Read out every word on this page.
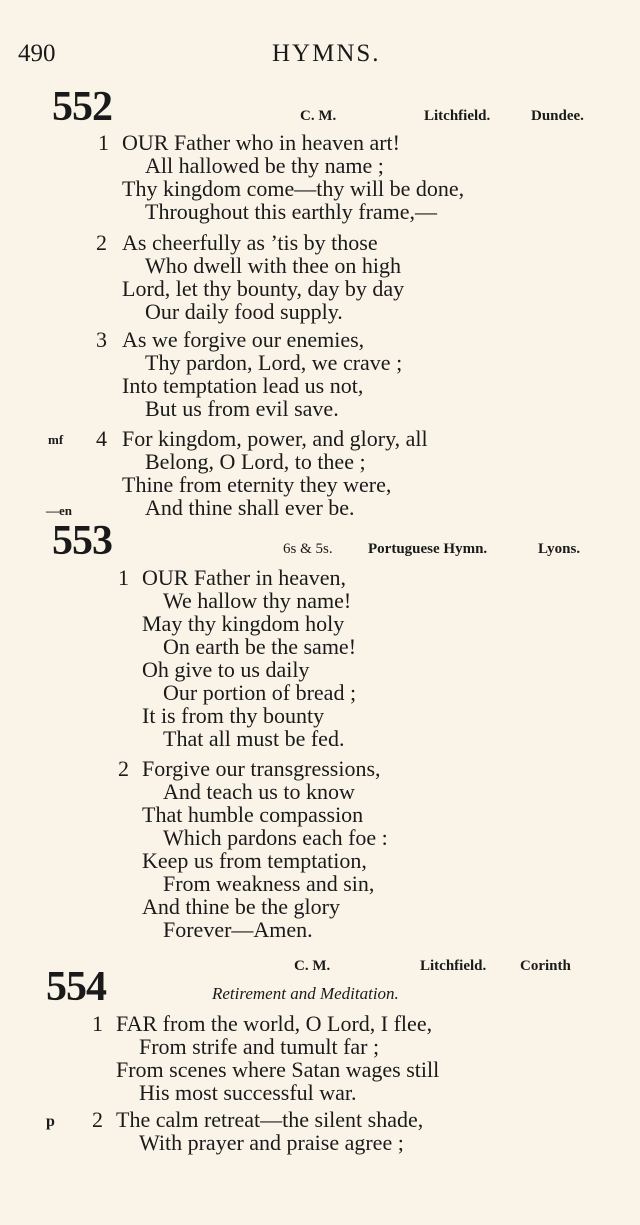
490	HYMNS.
552	C. M.	Litchfield.	Dundee.
1 OUR Father who in heaven art!
All hallowed be thy name ;
Thy kingdom come—thy will be done,
Throughout this earthly frame,—
2 As cheerfully as ’tis by those
Who dwell with thee on high
Lord, let thy bounty, day by day
Our daily food supply.
3 As we forgive our enemies,
Thy pardon, Lord, we crave ;
Into temptation lead us not,
But us from evil save.
mf 4 For kingdom, power, and glory, all
Belong, O Lord, to thee ;
Thine from eternity they were,
—en	And thine shall ever be.
553	6s & 5s. Portuguese Hymn.	Lyons.
1 OUR Father in heaven,
We hallow thy name!
May thy kingdom holy
On earth be the same!
Oh give to us daily
Our portion of bread ;
It is from thy bounty
That all must be fed.
2 Forgive our transgressions,
And teach us to know
That humble compassion
Which pardons each foe :
Keep us from temptation,
From weakness and sin,
And thine be the glory
Forever—Amen.
C. M.	Litchfield. Corinth
554	Retirement and Meditation.
1 FAR from the world, O Lord, I flee,
From strife and tumult far ;
From scenes where Satan wages still
His most successful war.
p 2 The calm retreat—the silent shade,
With prayer and praise agree ;
